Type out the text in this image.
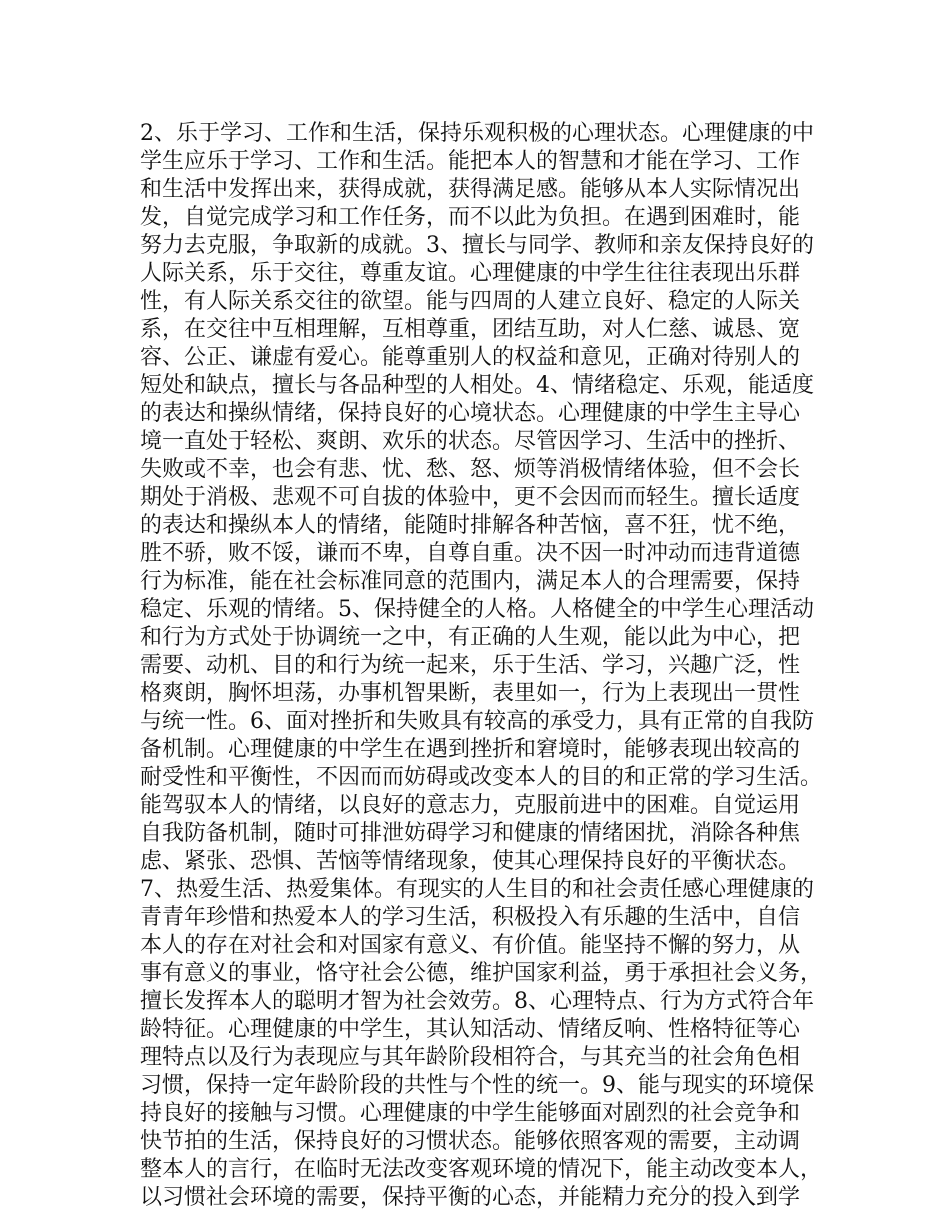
2、乐于学习、工作和生活，保持乐观积极的心理状态。心理健康的中
学生应乐于学习、工作和生活。能把本人的智慧和才能在学习、工作
和生活中发挥出来，获得成就，获得满足感。能够从本人实际情况出
发，自觉完成学习和工作任务，而不以此为负担。在遇到困难时，能
努力去克服，争取新的成就。3、擅长与同学、教师和亲友保持良好的
人际关系，乐于交往，尊重友谊。心理健康的中学生往往表现出乐群
性，有人际关系交往的欲望。能与四周的人建立良好、稳定的人际关
系，在交往中互相理解，互相尊重，团结互助，对人仁慈、诚恳、宽
容、公正、谦虚有爱心。能尊重别人的权益和意见，正确对待别人的
短处和缺点，擅长与各品种型的人相处。4、情绪稳定、乐观，能适度
的表达和操纵情绪，保持良好的心境状态。心理健康的中学生主导心
境一直处于轻松、爽朗、欢乐的状态。尽管因学习、生活中的挫折、
失败或不幸，也会有悲、忧、愁、怒、烦等消极情绪体验，但不会长
期处于消极、悲观不可自拔的体验中，更不会因而而轻生。擅长适度
的表达和操纵本人的情绪，能随时排解各种苦恼，喜不狂，忧不绝，
胜不骄，败不馁，谦而不卑，自尊自重。决不因一时冲动而违背道德
行为标准，能在社会标准同意的范围内，满足本人的合理需要，保持
稳定、乐观的情绪。5、保持健全的人格。人格健全的中学生心理活动
和行为方式处于协调统一之中，有正确的人生观，能以此为中心，把
需要、动机、目的和行为统一起来，乐于生活、学习，兴趣广泛，性
格爽朗，胸怀坦荡，办事机智果断，表里如一，行为上表现出一贯性
与统一性。6、面对挫折和失败具有较高的承受力，具有正常的自我防
备机制。心理健康的中学生在遇到挫折和窘境时，能够表现出较高的
耐受性和平衡性，不因而而妨碍或改变本人的目的和正常的学习生活。
能驾驭本人的情绪，以良好的意志力，克服前进中的困难。自觉运用
自我防备机制，随时可排泄妨碍学习和健康的情绪困扰，消除各种焦
虑、紧张、恐惧、苦恼等情绪现象，使其心理保持良好的平衡状态。
7、热爱生活、热爱集体。有现实的人生目的和社会责任感心理健康的
青青年珍惜和热爱本人的学习生活，积极投入有乐趣的生活中，自信
本人的存在对社会和对国家有意义、有价值。能坚持不懈的努力，从
事有意义的事业，恪守社会公德，维护国家利益，勇于承担社会义务，
擅长发挥本人的聪明才智为社会效劳。8、心理特点、行为方式符合年
龄特征。心理健康的中学生，其认知活动、情绪反响、性格特征等心
理特点以及行为表现应与其年龄阶段相符合，与其充当的社会角色相
习惯，保持一定年龄阶段的共性与个性的统一。9、能与现实的环境保
持良好的接触与习惯。心理健康的中学生能够面对剧烈的社会竞争和
快节拍的生活，保持良好的习惯状态。能够依照客观的需要，主动调
整本人的言行，在临时无法改变客观环境的情况下，能主动改变本人，
以习惯社会环境的需要，保持平衡的心态，并能精力充分的投入到学
